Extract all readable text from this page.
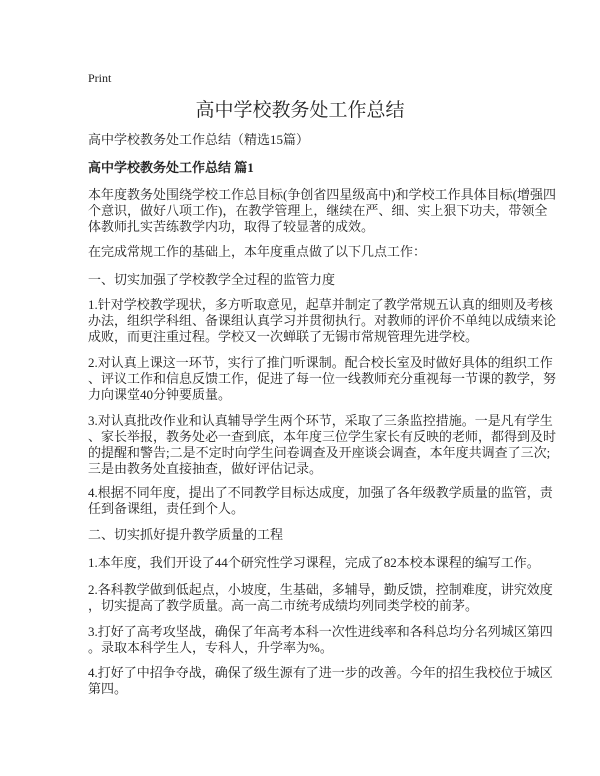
Print
高中学校教务处工作总结
高中学校教务处工作总结（精选15篇）
高中学校教务处工作总结 篇1
本年度教务处围绕学校工作总目标(争创省四星级高中)和学校工作具体目标(增强四
个意识，做好八项工作)，在教学管理上，继续在严、细、实上狠下功夫，带领全
体教师扎实苦练教学内功，取得了较显著的成效。
在完成常规工作的基础上，本年度重点做了以下几点工作：
一、切实加强了学校教学全过程的监管力度
1.针对学校教学现状，多方听取意见，起草并制定了教学常规五认真的细则及考核
办法，组织学科组、备课组认真学习并贯彻执行。对教师的评价不单纯以成绩来论
成败，而更注重过程。学校又一次蝉联了无锡市常规管理先进学校。
2.对认真上课这一环节，实行了推门听课制。配合校长室及时做好具体的组织工作
、评议工作和信息反馈工作，促进了每一位一线教师充分重视每一节课的教学，努
力向课堂40分钟要质量。
3.对认真批改作业和认真辅导学生两个环节，采取了三条监控措施。一是凡有学生
、家长举报，教务处必一查到底，本年度三位学生家长有反映的老师，都得到及时
的提醒和警告;二是不定时向学生问卷调查及开座谈会调查，本年度共调查了三次;
三是由教务处直接抽查，做好评估记录。
4.根据不同年度，提出了不同教学目标达成度，加强了各年级教学质量的监管，责
任到备课组，责任到个人。
二、切实抓好提升教学质量的工程
1.本年度，我们开设了44个研究性学习课程，完成了82本校本课程的编写工作。
2.各科教学做到低起点，小坡度，生基础，多辅导，勤反馈，控制难度，讲究效度
，切实提高了教学质量。高一高二市统考成绩均列同类学校的前茅。
3.打好了高考攻坚战，确保了年高考本科一次性进线率和各科总均分名列城区第四
。录取本科学生人，专科人，升学率为%。
4.打好了中招争夺战，确保了级生源有了进一步的改善。今年的招生我校位于城区
第四。
